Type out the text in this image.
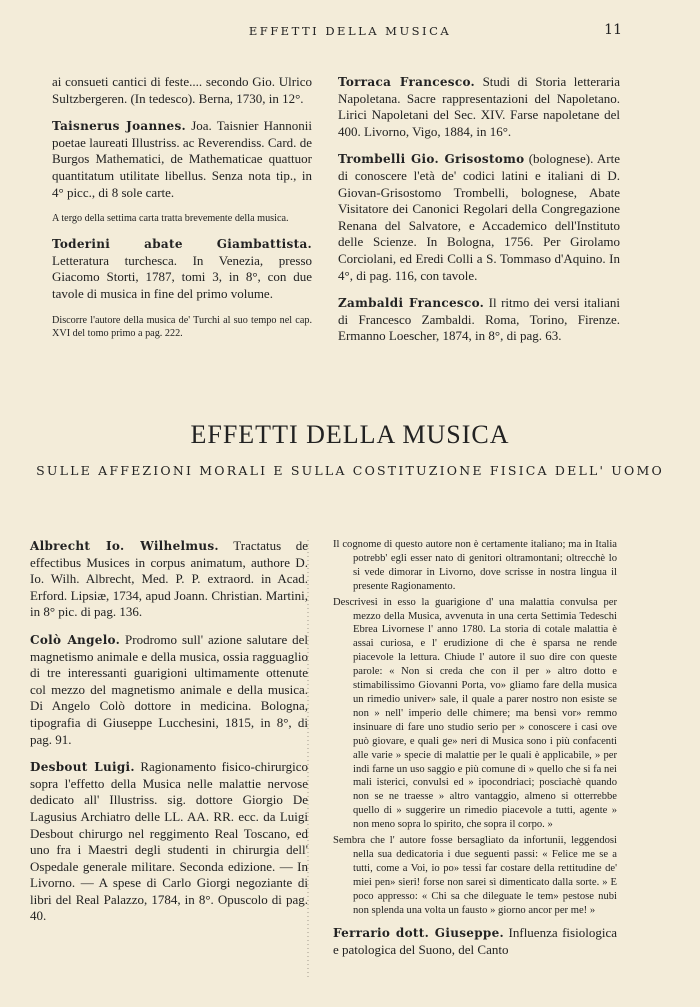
EFFETTI DELLA MUSICA	11

ai consueti cantici di feste.... secondo Gio. Ulrico Sultzbergeren. (In tedesco). Berna, 1730, in 12°.

Taisnerus Joannes. Joa. Taisnier Hannonii poetae laureati Illustriss. ac Reverendiss. Card. de Burgos Mathematici, de Mathematicae quattuor quantitatum utilitate libellus. Senza nota tip., in 4° picc., di 8 sole carte.

A tergo della settima carta tratta brevemente della musica.

Toderini abate Giambattista. Letteratura turchesca. In Venezia, presso Giacomo Storti, 1787, tomi 3, in 8°, con due tavole di musica in fine del primo volume.

Discorre l'autore della musica de' Turchi al suo tempo nel cap. XVI del tomo primo a pag. 222.

Torraca Francesco. Studi di Storia letteraria Napoletana. Sacre rappresentazioni del Napoletano. Lirici Napoletani del Sec. XIV. Farse napoletane del 400. Livorno, Vigo, 1884, in 16°.

Trombelli Gio. Grisostomo (bolognese). Arte di conoscere l'età de' codici latini e italiani di D. Giovan-Grisostomo Trombelli, bolognese, Abate Visitatore dei Canonici Regolari della Congregazione Renana del Salvatore, e Accademico dell'Instituto delle Scienze. In Bologna, 1756. Per Girolamo Corciolani, ed Eredi Colli a S. Tommaso d'Aquino. In 4°, di pag. 116, con tavole.

Zambaldi Francesco. Il ritmo dei versi italiani di Francesco Zambaldi. Roma, Torino, Firenze. Ermanno Loescher, 1874, in 8°, di pag. 63.

EFFETTI DELLA MUSICA
SULLE AFFEZIONI MORALI E SULLA COSTITUZIONE FISICA DELL' UOMO

Albrecht Io. Wilhelmus. Tractatus de effectibus Musices in corpus animatum, authore D. Io. Wilh. Albrecht, Med. P. P. extraord. in Acad. Erford. Lipsiæ, 1734, apud Joann. Christian. Martini, in 8° pic. di pag. 136.

Colò Angelo. Prodromo sull' azione salutare del magnetismo animale e della musica, ossia ragguaglio di tre interessanti guarigioni ultimamente ottenute col mezzo del magnetismo animale e della musica. Di Angelo Colò dottore in medicina. Bologna, tipografia di Giuseppe Lucchesini, 1815, in 8°, di pag. 91.

Desbout Luigi. Ragionamento fisico-chirurgico sopra l'effetto della Musica nelle malattie nervose dedicato all' Illustriss. sig. dottore Giorgio De Lagusius Archiatro delle LL. AA. RR. ecc. da Luigi Desbout chirurgo nel reggimento Real Toscano, ed uno fra i Maestri degli studenti in chirurgia dell' Ospedale generale militare. Seconda edizione. — In Livorno. — A spese di Carlo Giorgi negoziante di libri del Real Palazzo, 1784, in 8°. Opuscolo di pag. 40.

Il cognome di questo autore non è certamente italiano; ma in Italia potrebb' egli esser nato di genitori oltramontani; oltrecchè lo si vede dimorar in Livorno, dove scrisse in nostra lingua il presente Ragionamento.

Descrivesi in esso la guarigione d' una malattia convulsa per mezzo della Musica, avvenuta in una certa Settimia Tedeschi Ebrea Livornese l' anno 1780. La storia di cotale malattia è assai curiosa, e l' erudizione di che è sparsa ne rende piacevole la lettura. Chiude l' autore il suo dire con queste parole: « Non si creda che con il per » altro dotto e stimabilissimo Giovanni Porta, vo» gliamo fare della musica un rimedio univer» sale, il quale a parer nostro non esiste se non » nell' imperio delle chimere; ma bensì vor» remmo insinuare di fare uno studio serio per » conoscere i casi ove può giovare, e quali ge» neri di Musica sono i più confacenti alle varie » specie di malattie per le quali è applicabile, » per indi farne un uso saggio e più comune di » quello che si fa nei mali isterici, convulsi ed » ipocondriaci; posciachè quando non se ne traesse » altro vantaggio, almeno si otterrebbe quello di » suggerire un rimedio piacevole a tutti, agente » non meno sopra lo spirito, che sopra il corpo. »

Sembra che l' autore fosse bersagliato da infortunii, leggendosi nella sua dedicatoria i due seguenti passi: « Felice me se a tutti, come a Voi, io po» tessi far costare della rettitudine de' miei pen» sieri! forse non sarei sì dimenticato dalla sorte. » E poco appresso: « Chi sa che dileguate le tem» pestose nubi non splenda una volta un fausto » giorno ancor per me! »

Ferrario dott. Giuseppe. Influenza fisiologica e patologica del Suono, del Canto
